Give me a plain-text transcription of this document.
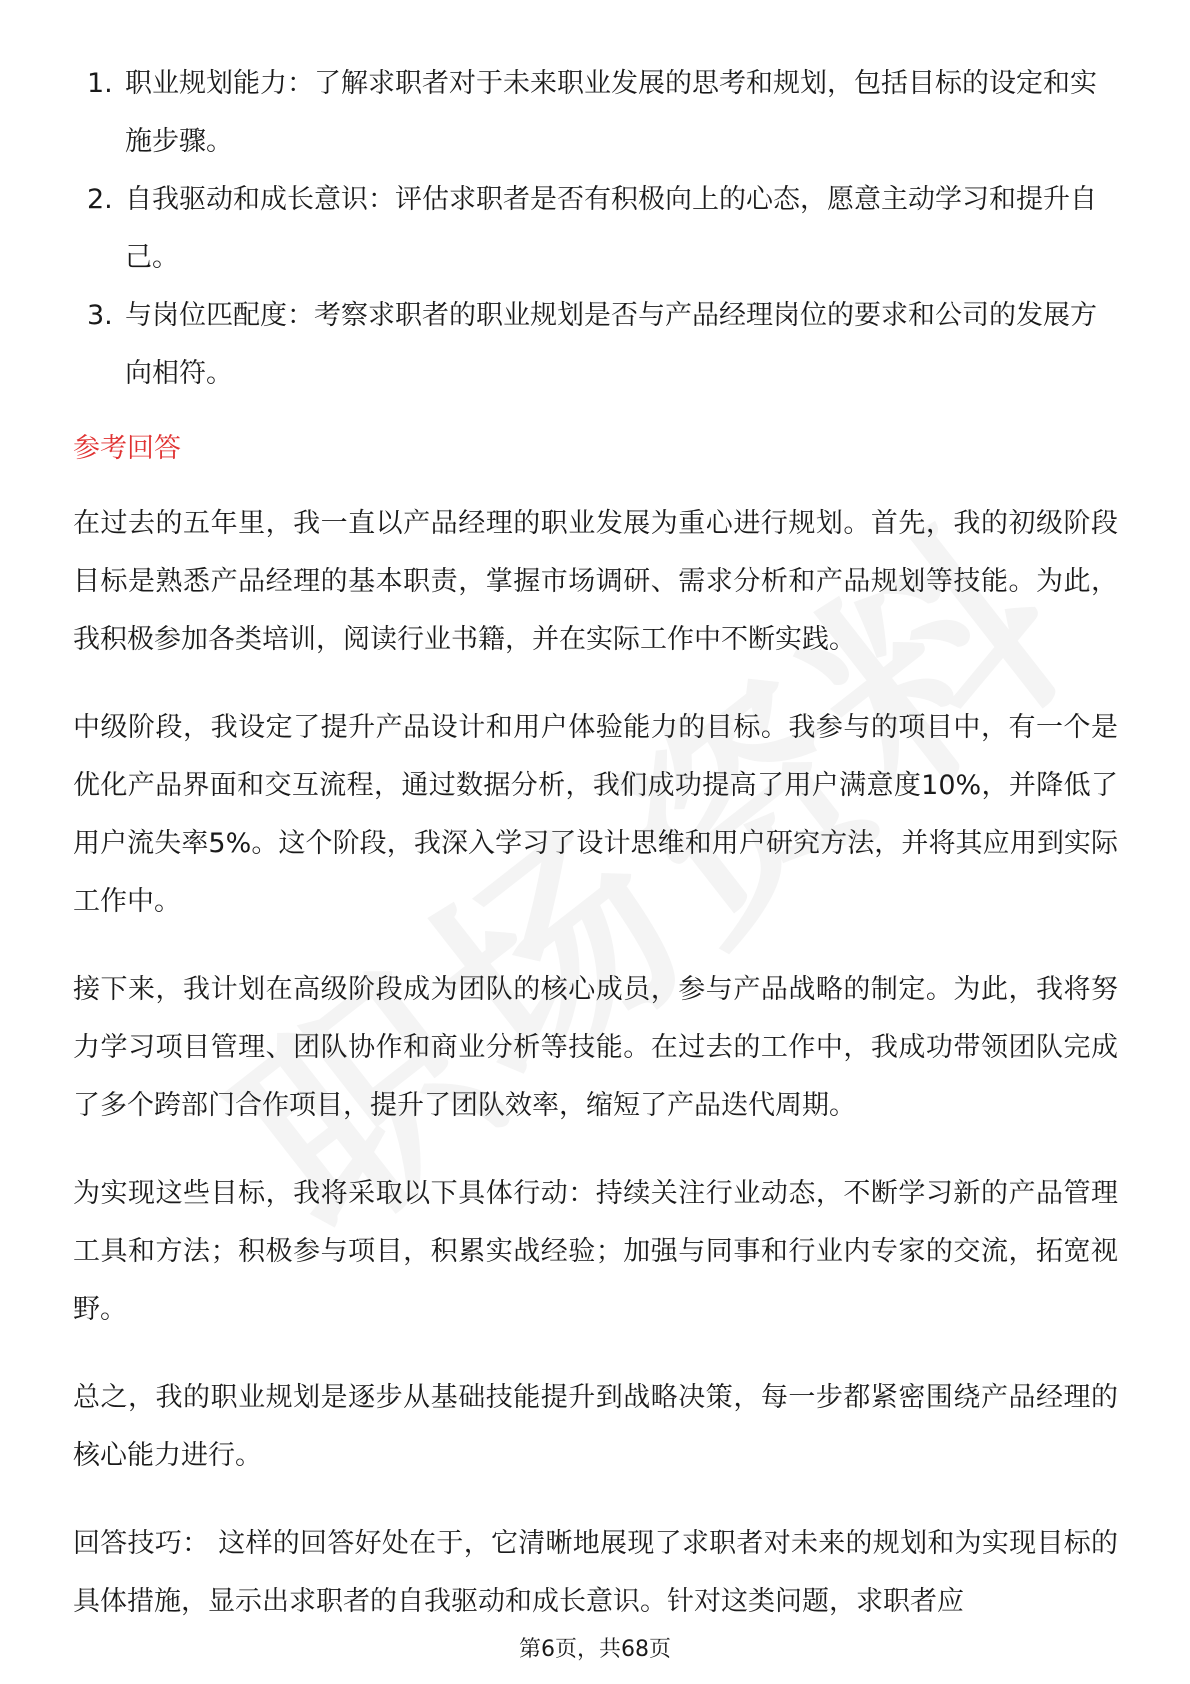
1. 职业规划能力：了解求职者对于未来职业发展的思考和规划，包括目标的设定和实施步骤。
2. 自我驱动和成长意识：评估求职者是否有积极向上的心态，愿意主动学习和提升自己。
3. 与岗位匹配度：考察求职者的职业规划是否与产品经理岗位的要求和公司的发展方向相符。
参考回答

在过去的五年里，我一直以产品经理的职业发展为重心进行规划。首先，我的初级阶段目标是熟悉产品经理的基本职责，掌握市场调研、需求分析和产品规划等技能。为此，我积极参加各类培训，阅读行业书籍，并在实际工作中不断实践。

中级阶段，我设定了提升产品设计和用户体验能力的目标。我参与的项目中，有一个是优化产品界面和交互流程，通过数据分析，我们成功提高了用户满意度10%，并降低了用户流失率5%。这个阶段，我深入学习了设计思维和用户研究方法，并将其应用到实际工作中。

接下来，我计划在高级阶段成为团队的核心成员，参与产品战略的制定。为此，我将努力学习项目管理、团队协作和商业分析等技能。在过去的工作中，我成功带领团队完成了多个跨部门合作项目，提升了团队效率，缩短了产品迭代周期。

为实现这些目标，我将采取以下具体行动：持续关注行业动态，不断学习新的产品管理工具和方法；积极参与项目，积累实战经验；加强与同事和行业内专家的交流，拓宽视野。

总之，我的职业规划是逐步从基础技能提升到战略决策，每一步都紧密围绕产品经理的核心能力进行。

回答技巧： 这样的回答好处在于，它清晰地展现了求职者对未来的规划和为实现目标的具体措施，显示出求职者的自我驱动和成长意识。针对这类问题，求职者应

第6页，共68页
